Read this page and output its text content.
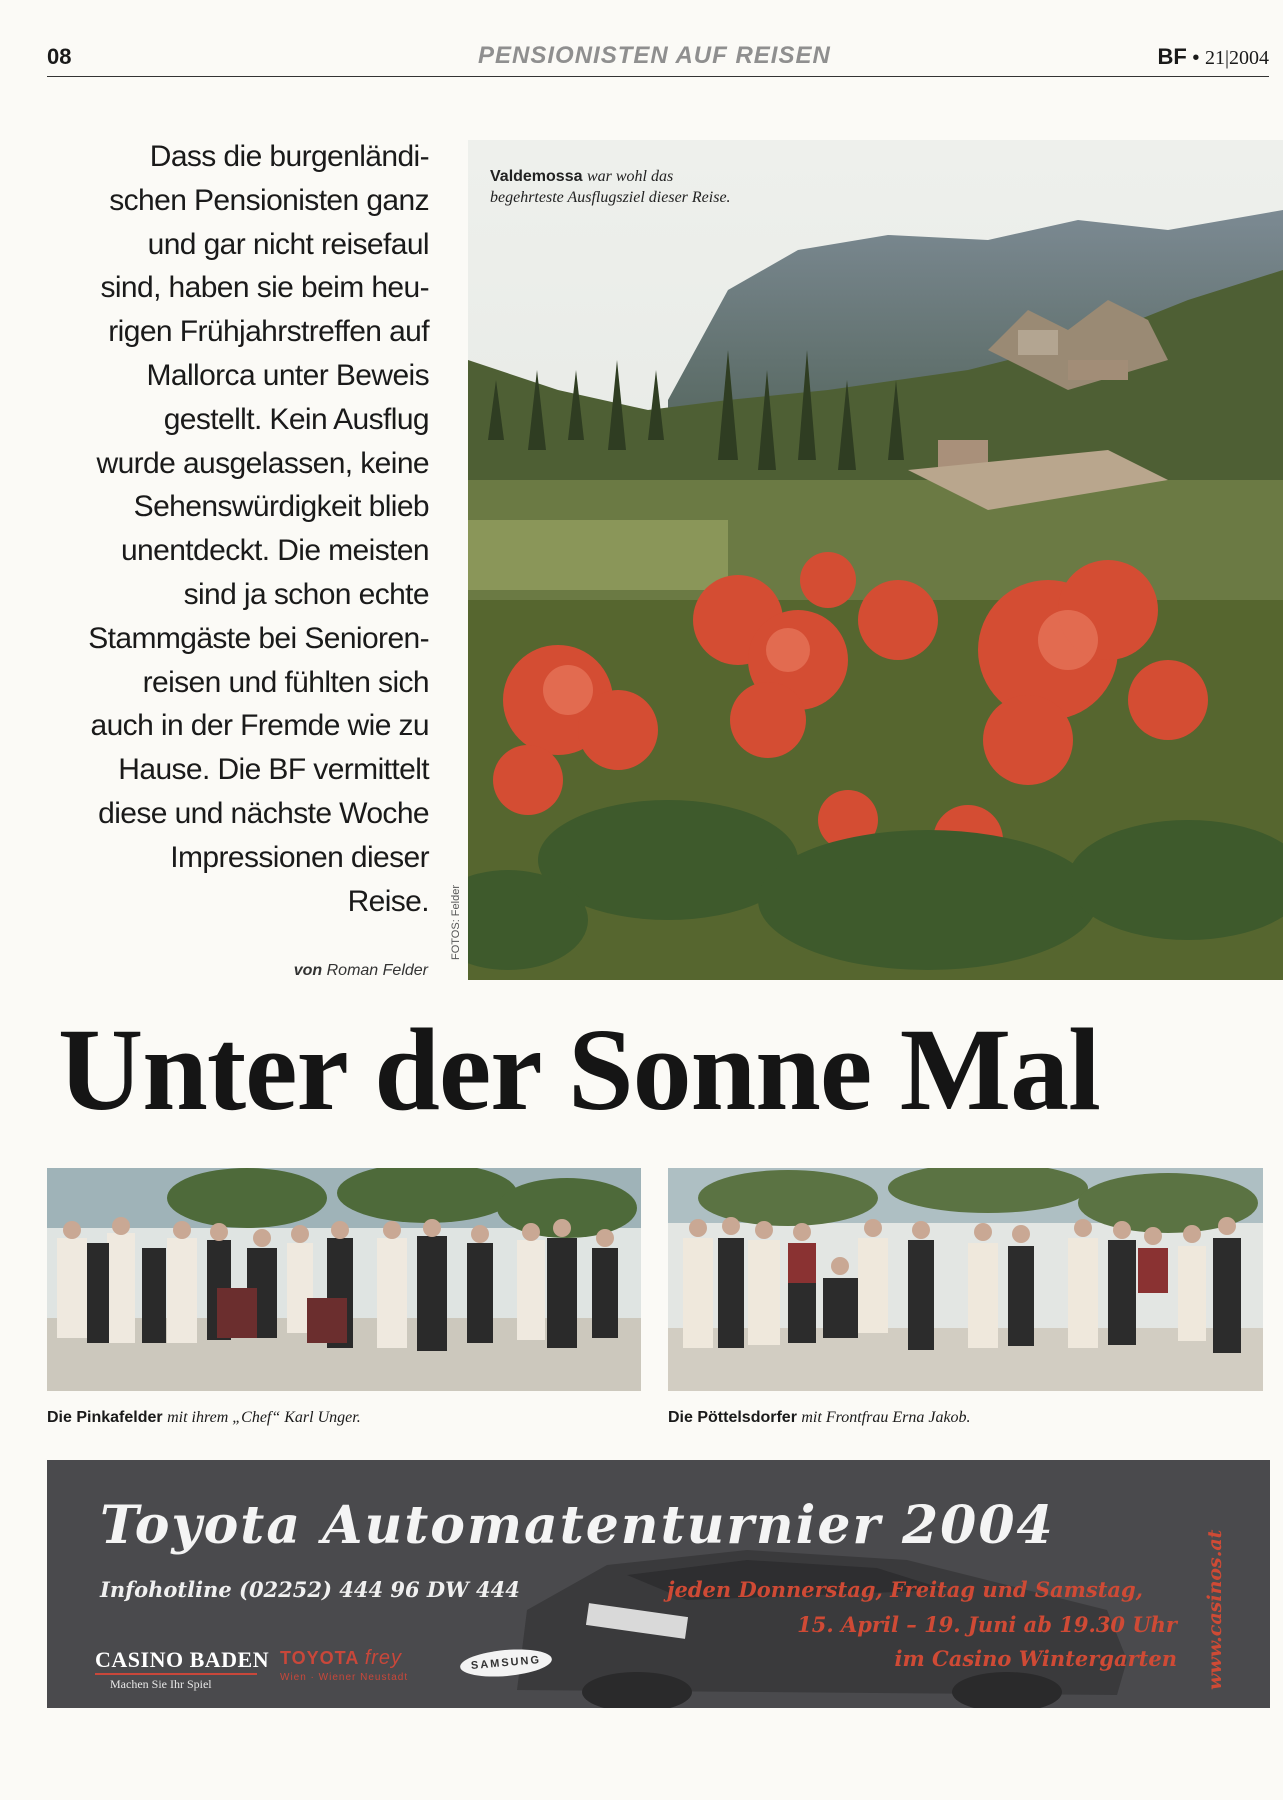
08	PENSIONISTEN AUF REISEN	BF • 21|2004
Dass die burgenländi-
schen Pensionisten ganz
und gar nicht reisefaul
sind, haben sie beim heu-
rigen Frühjahrstreffen auf
Mallorca unter Beweis
gestellt. Kein Ausflug
wurde ausgelassen, keine
Sehenswürdigkeit blieb
unentdeckt. Die meisten
sind ja schon echte
Stammgäste bei Senioren-
reisen und fühlten sich
auch in der Fremde wie zu
Hause. Die BF vermittelt
diese und nächste Woche
Impressionen dieser
Reise.
von Roman Felder
Valdemossa war wohl das begehrteste Ausflugsziel dieser Reise.
FOTOS: Felder
Unter der Sonne Mal
Die Pinkafelder mit ihrem „Chef“ Karl Unger.	Die Pöttelsdorfer mit Frontfrau Erna Jakob.
Toyota Automatenturnier 2004
Infohotline (02252) 444 96 DW 444	jeden Donnerstag, Freitag und Samstag,
15. April – 19. Juni ab 19.30 Uhr
im Casino Wintergarten www.casinos.at
CASINO BADEN
Machen Sie Ihr Spiel
TOYOTA frey
Wien · Wiener Neustadt
SAMSUNG
